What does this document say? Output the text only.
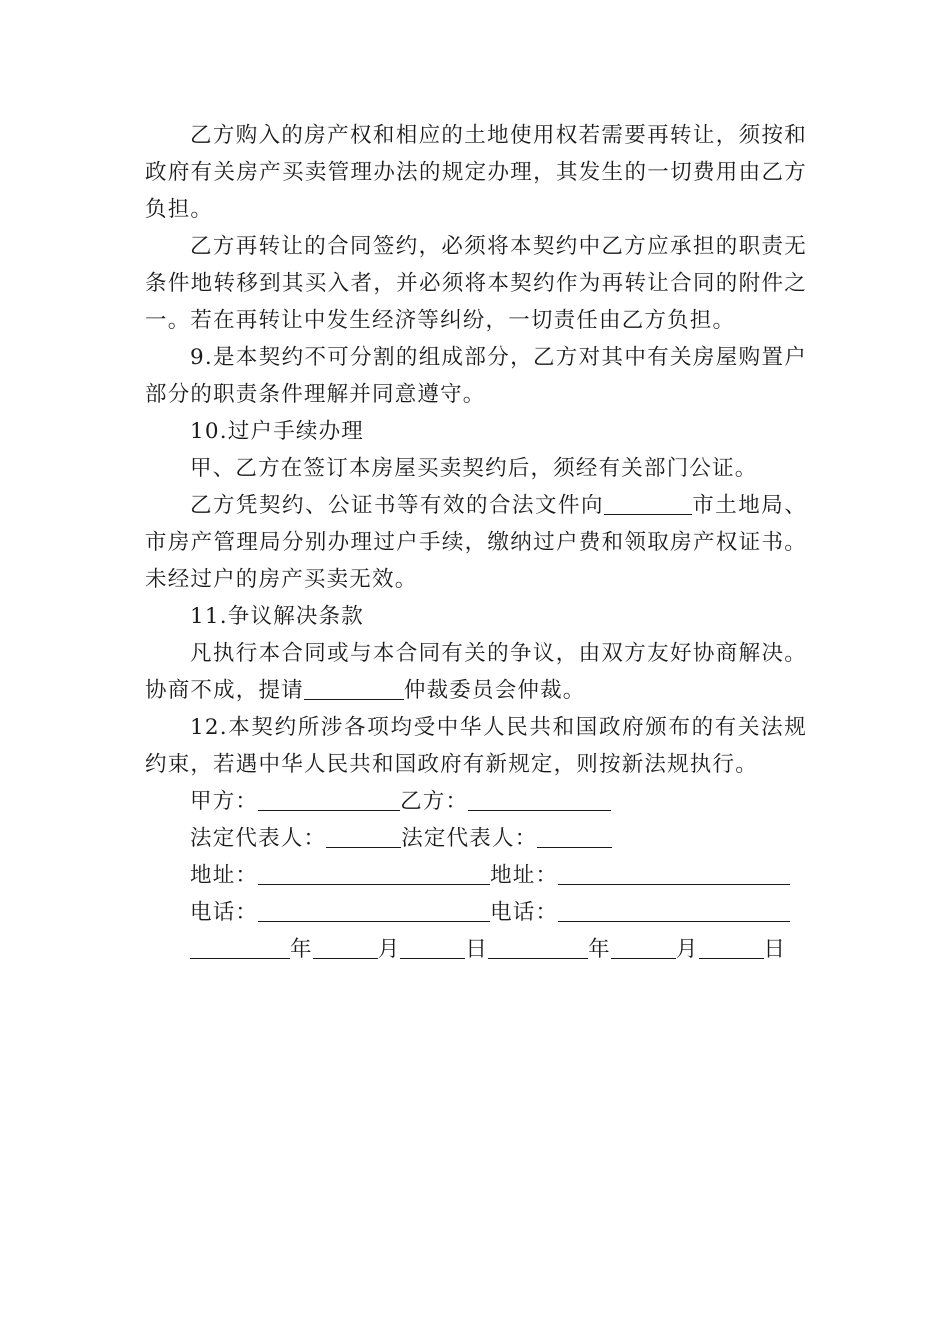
乙方购入的房产权和相应的土地使用权若需要再转让，须按和政府有关房产买卖管理办法的规定办理，其发生的一切费用由乙方负担。

乙方再转让的合同签约，必须将本契约中乙方应承担的职责无条件地转移到其买入者，并必须将本契约作为再转让合同的附件之一。若在再转让中发生经济等纠纷，一切责任由乙方负担。

9.是本契约不可分割的组成部分，乙方对其中有关房屋购置户部分的职责条件理解并同意遵守。

10.过户手续办理

甲、乙方在签订本房屋买卖契约后，须经有关部门公证。

乙方凭契约、公证书等有效的合法文件向	市土地局、市房产管理局分别办理过户手续，缴纳过户费和领取房产权证书。未经过户的房产买卖无效。

11.争议解决条款

凡执行本合同或与本合同有关的争议，由双方友好协商解决。协商不成，提请	仲裁委员会仲裁。

12.本契约所涉各项均受中华人民共和国政府颁布的有关法规约束，若遇中华人民共和国政府有新规定，则按新法规执行。

甲方：	乙方：

法定代表人：	法定代表人：

地址：	地址：

电话：	电话：

年	月	日	年	月	日
